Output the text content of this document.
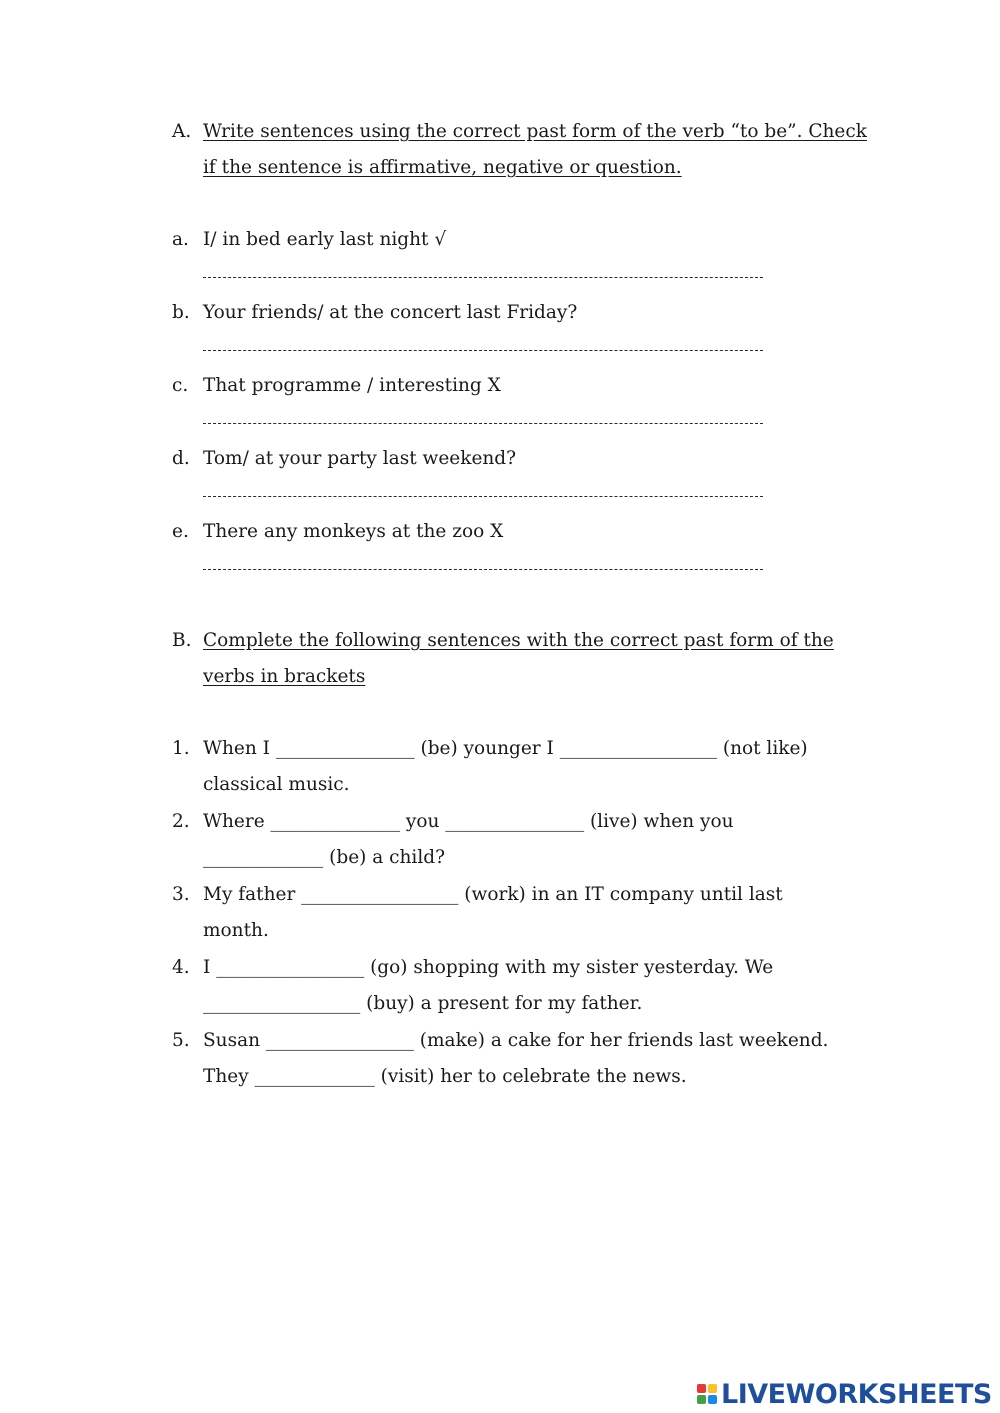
A. Write sentences using the correct past form of the verb “to be”. Check
if the sentence is affirmative, negative or question.
a. I/ in bed early last night √
b. Your friends/ at the concert last Friday?
c. That programme / interesting X
d. Tom/ at your party last weekend?
e. There any monkeys at the zoo X
B. Complete the following sentences with the correct past form of the
verbs in brackets
1. When I _______________ (be) younger I _________________ (not like)
classical music.
2. Where ______________ you _______________ (live) when you
_____________ (be) a child?
3. My father _________________ (work) in an IT company until last
month.
4. I ________________ (go) shopping with my sister yesterday. We
_________________ (buy) a present for my father.
5. Susan ________________ (make) a cake for her friends last weekend.
They _____________ (visit) her to celebrate the news.
LIVEWORKSHEETS
